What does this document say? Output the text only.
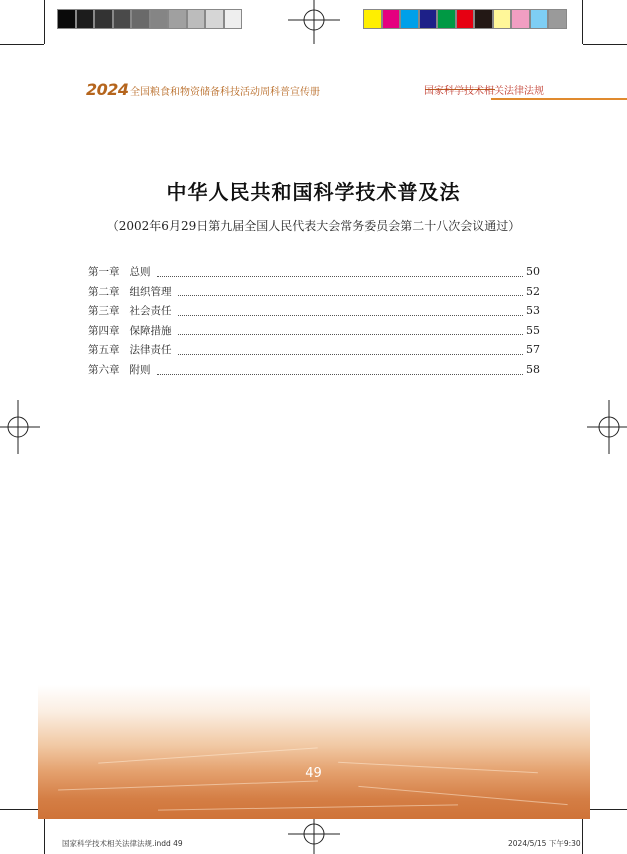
2024 全国粮食和物资储备科技活动周科普宣传册	国家科学技术相关法律法规
中华人民共和国科学技术普及法
（2002年6月29日第九届全国人民代表大会常务委员会第二十八次会议通过）
第一章 总则	50
第二章 组织管理	52
第三章 社会责任	53
第四章 保障措施	55
第五章 法律责任	57
第六章 附则	58
49
国家科学技术相关法律法规.indd 49	2024/5/15 下午9:30
